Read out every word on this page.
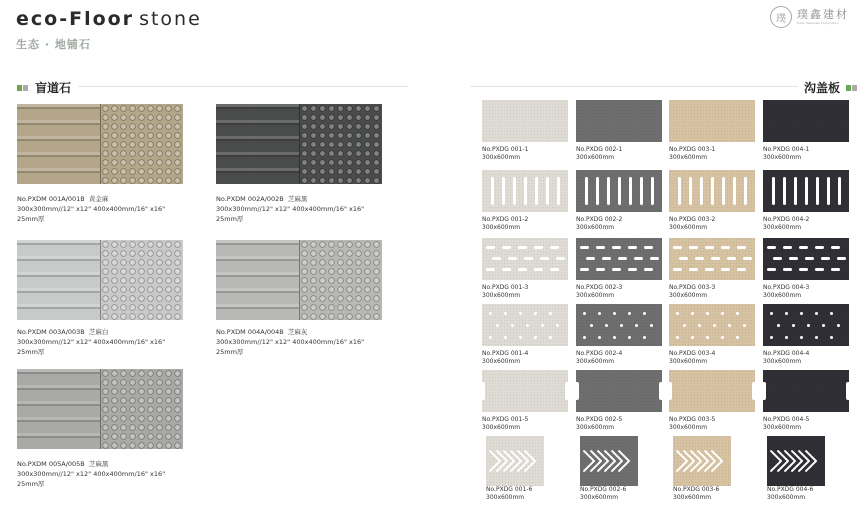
eco-Floor stone
生态 · 地铺石
璞	璞鑫建材
Puxin Materials Corporation
盲道石	沟盖板
No.PXDM 001A/001B 黄金麻
300x300mm//12" x12" 400x400mm/16" x16"
25mm厚
No.PXDM 002A/002B 芝麻黑
300x300mm//12" x12" 400x400mm/16" x16"
25mm厚
No.PXDM 003A/003B 芝麻白
300x300mm//12" x12" 400x400mm/16" x16"
25mm厚
No.PXDM 004A/004B 芝麻灰
300x300mm//12" x12" 400x400mm/16" x16"
25mm厚
No.PXDM 005A/005B 芝麻黑
300x300mm//12" x12" 400x400mm/16" x16"
25mm厚
No.PXDG 001-1
300x600mm
No.PXDG 002-1
300x600mm
No.PXDG 003-1
300x600mm
No.PXDG 004-1
300x600mm
No.PXDG 001-2
300x600mm
No.PXDG 002-2
300x600mm
No.PXDG 003-2
300x600mm
No.PXDG 004-2
300x600mm
No.PXDG 001-3
300x600mm
No.PXDG 002-3
300x600mm
No.PXDG 003-3
300x600mm
No.PXDG 004-3
300x600mm
No.PXDG 001-4
300x600mm
No.PXDG 002-4
300x600mm
No.PXDG 003-4
300x600mm
No.PXDG 004-4
300x600mm
No.PXDG 001-5
300x600mm
No.PXDG 002-5
300x600mm
No.PXDG 003-5
300x600mm
No.PXDG 004-5
300x600mm
No.PXDG 001-6
300x600mm
No.PXDG 002-6
300x600mm
No.PXDG 003-6
300x600mm
No.PXDG 004-6
300x600mm
